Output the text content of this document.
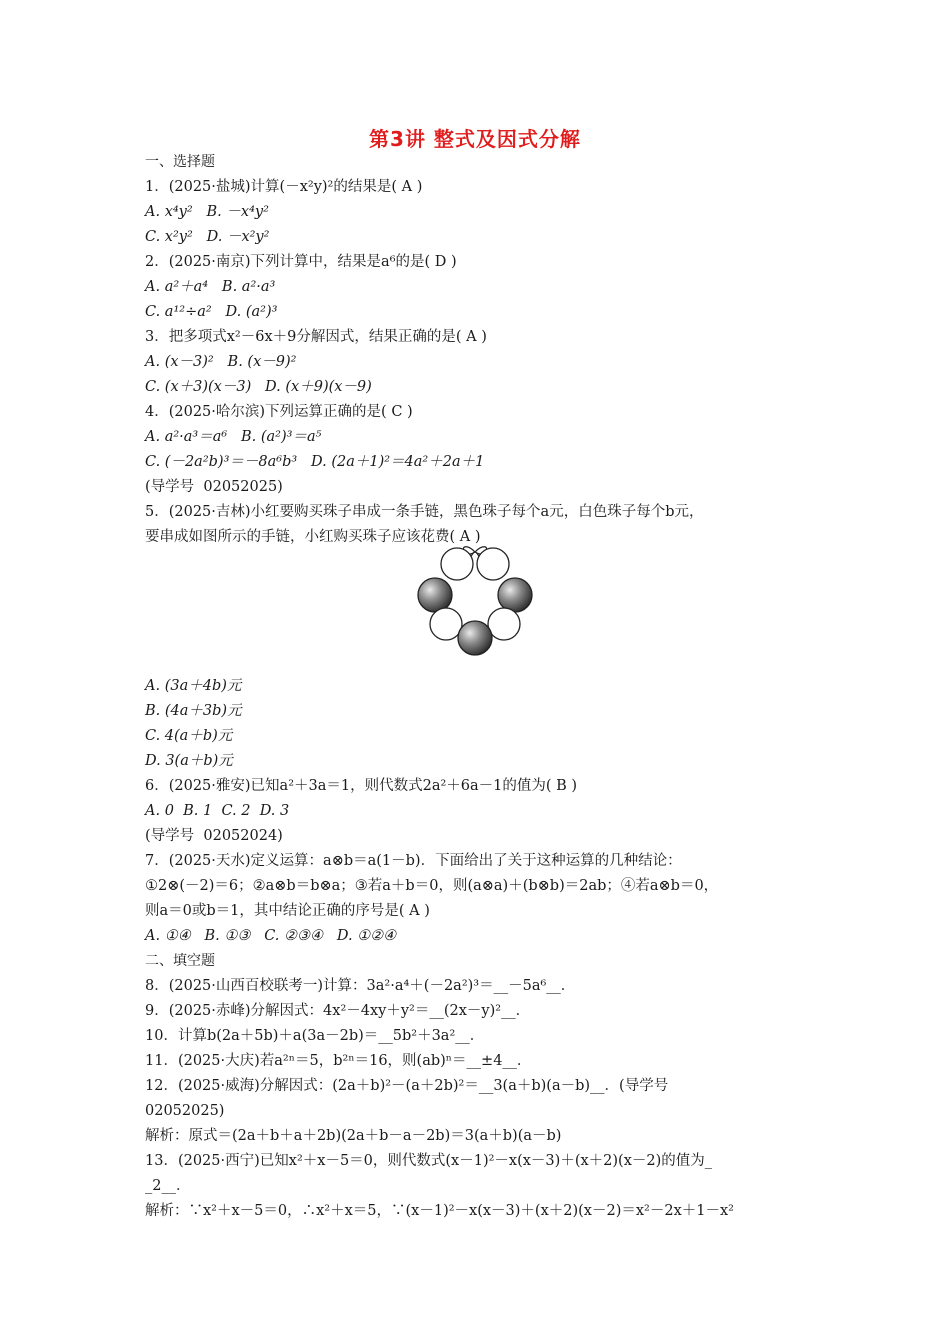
第3讲 整式及因式分解
一、选择题
1．(2025·盐城)计算(－x²y)²的结果是( A )
A. x⁴y²   B. －x⁴y²
C. x²y²   D. －x²y²
2．(2025·南京)下列计算中，结果是a⁶的是( D )
A. a²＋a⁴   B. a²·a³
C. a¹²÷a²   D. (a²)³
3．把多项式x²－6x＋9分解因式，结果正确的是( A )
A. (x－3)²   B. (x－9)²
C. (x＋3)(x－3)   D. (x＋9)(x－9)
4．(2025·哈尔滨)下列运算正确的是( C )
A. a²·a³＝a⁶   B. (a²)³＝a⁵
C. (－2a²b)³＝－8a⁶b³   D. (2a＋1)²＝4a²＋2a＋1
(导学号  02052025)
5．(2025·吉林)小红要购买珠子串成一条手链，黑色珠子每个a元，白色珠子每个b元，
要串成如图所示的手链，小红购买珠子应该花费( A )
A. (3a＋4b)元
B. (4a＋3b)元
C. 4(a＋b)元
D. 3(a＋b)元
6．(2025·雅安)已知a²＋3a＝1，则代数式2a²＋6a－1的值为( B )
A. 0  B. 1  C. 2  D. 3
(导学号  02052024)
7．(2025·天水)定义运算：a⊗b＝a(1－b)．下面给出了关于这种运算的几种结论：
①2⊗(－2)＝6；②a⊗b＝b⊗a；③若a＋b＝0，则(a⊗a)＋(b⊗b)＝2ab；④若a⊗b＝0，
则a＝0或b＝1，其中结论正确的序号是( A )
A. ①④   B. ①③   C. ②③④   D. ①②④
二、填空题
8．(2025·山西百校联考一)计算：3a²·a⁴＋(－2a²)³＝__－5a⁶__．
9．(2025·赤峰)分解因式：4x²－4xy＋y²＝__(2x－y)²__．
10．计算b(2a＋5b)＋a(3a－2b)＝__5b²＋3a²__．
11．(2025·大庆)若a²ⁿ＝5，b²ⁿ＝16，则(ab)ⁿ＝__±4__．
12．(2025·威海)分解因式：(2a＋b)²－(a＋2b)²＝__3(a＋b)(a－b)__．(导学号
02052025)
解析：原式＝(2a＋b＋a＋2b)(2a＋b－a－2b)＝3(a＋b)(a－b)
13．(2025·西宁)已知x²＋x－5＝0，则代数式(x－1)²－x(x－3)＋(x＋2)(x－2)的值为_
_2__．
解析：∵x²＋x－5＝0，∴x²＋x＝5，∵(x－1)²－x(x－3)＋(x＋2)(x－2)＝x²－2x＋1－x²
